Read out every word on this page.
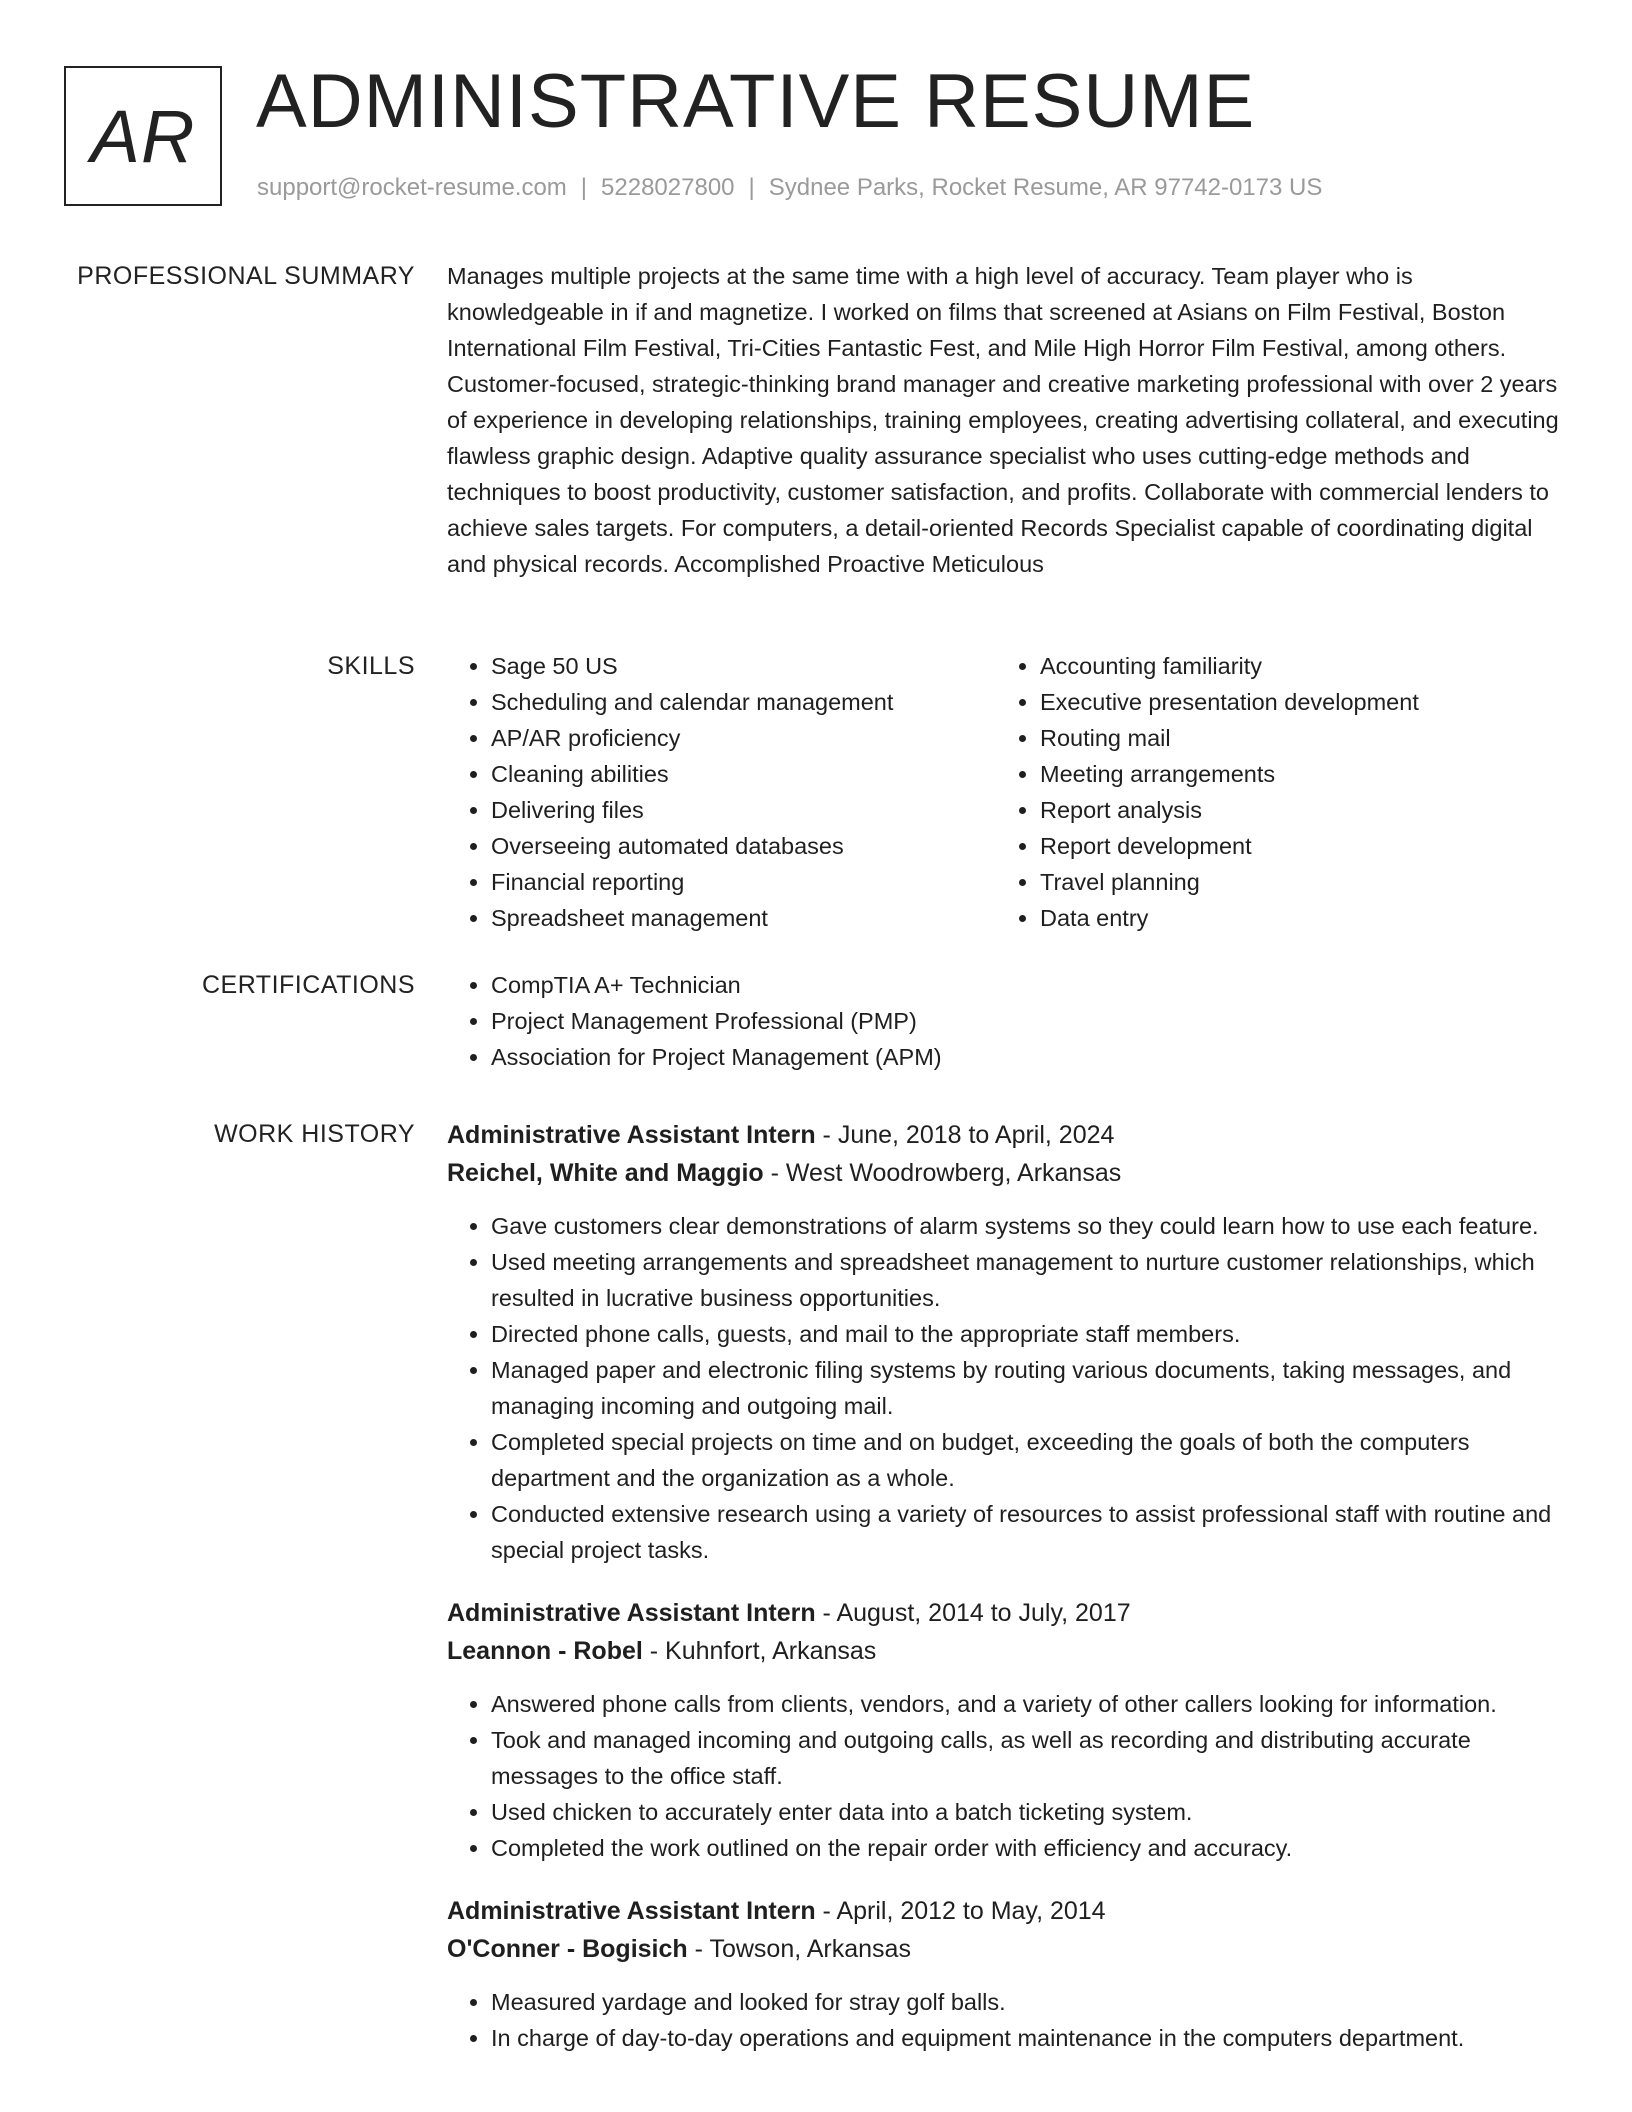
AR ADMINISTRATIVE RESUME
support@rocket-resume.com | 5228027800 | Sydnee Parks, Rocket Resume, AR 97742-0173 US
PROFESSIONAL SUMMARY Manages multiple projects at the same time with a high level of accuracy. Team player who is knowledgeable in if and magnetize. I worked on films that screened at Asians on Film Festival, Boston International Film Festival, Tri-Cities Fantastic Fest, and Mile High Horror Film Festival, among others. Customer-focused, strategic-thinking brand manager and creative marketing professional with over 2 years of experience in developing relationships, training employees, creating advertising collateral, and executing flawless graphic design. Adaptive quality assurance specialist who uses cutting-edge methods and techniques to boost productivity, customer satisfaction, and profits. Collaborate with commercial lenders to achieve sales targets. For computers, a detail-oriented Records Specialist capable of coordinating digital and physical records. Accomplished Proactive Meticulous
SKILLS	• Sage 50 US
• Scheduling and calendar management
• AP/AR proficiency
• Cleaning abilities
• Delivering files
• Overseeing automated databases
• Financial reporting
• Spreadsheet management
• Accounting familiarity
• Executive presentation development
• Routing mail
• Meeting arrangements
• Report analysis
• Report development
• Travel planning
• Data entry
CERTIFICATIONS	• CompTIA A+ Technician
• Project Management Professional (PMP)
• Association for Project Management (APM)
WORK HISTORY Administrative Assistant Intern - June, 2018 to April, 2024
Reichel, White and Maggio - West Woodrowberg, Arkansas
• Gave customers clear demonstrations of alarm systems so they could learn how to use each feature.
• Used meeting arrangements and spreadsheet management to nurture customer relationships, which resulted in lucrative business opportunities.
• Directed phone calls, guests, and mail to the appropriate staff members.
• Managed paper and electronic filing systems by routing various documents, taking messages, and managing incoming and outgoing mail.
• Completed special projects on time and on budget, exceeding the goals of both the computers department and the organization as a whole.
• Conducted extensive research using a variety of resources to assist professional staff with routine and special project tasks.
Administrative Assistant Intern - August, 2014 to July, 2017
Leannon - Robel - Kuhnfort, Arkansas
• Answered phone calls from clients, vendors, and a variety of other callers looking for information.
• Took and managed incoming and outgoing calls, as well as recording and distributing accurate messages to the office staff.
• Used chicken to accurately enter data into a batch ticketing system.
• Completed the work outlined on the repair order with efficiency and accuracy.
Administrative Assistant Intern - April, 2012 to May, 2014
O'Conner - Bogisich - Towson, Arkansas
• Measured yardage and looked for stray golf balls.
• In charge of day-to-day operations and equipment maintenance in the computers department.
